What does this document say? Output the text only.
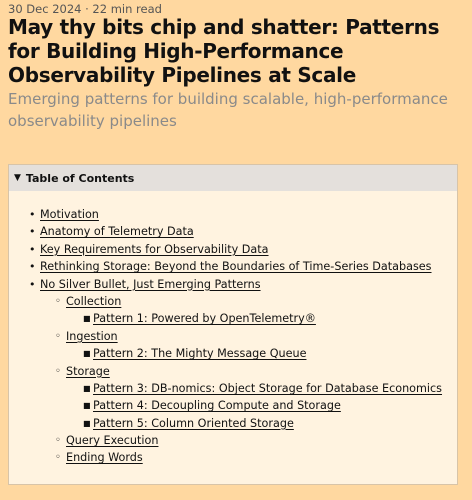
30 Dec 2024 · 22 min read
May thy bits chip and shatter: Patterns for Building High-Performance Observability Pipelines at Scale

Emerging patterns for building scalable, high-performance observability pipelines

▼ Table of Contents
• Motivation
• Anatomy of Telemetry Data
• Key Requirements for Observability Data
• Rethinking Storage: Beyond the Boundaries of Time-Series Databases
• No Silver Bullet, Just Emerging Patterns
◦ Collection
■ Pattern 1: Powered by OpenTelemetry®
◦ Ingestion
■ Pattern 2: The Mighty Message Queue
◦ Storage
■ Pattern 3: DB-nomics: Object Storage for Database Economics
■ Pattern 4: Decoupling Compute and Storage
■ Pattern 5: Column Oriented Storage
◦ Query Execution
◦ Ending Words
